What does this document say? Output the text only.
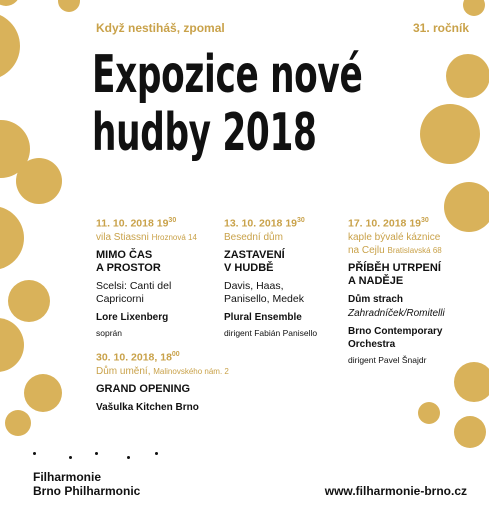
Když nestiháš, zpomal	31. ročník
Expozice nové
hudby 2018
11. 10. 2018 $19^{30}$
vila Stiassni Hroznová 14
MIMO ČAS
A PROSTOR
Scelsi: Canti del
Capricorni
Lore Lixenberg
soprán
13. 10. 2018 $19^{30}$
Besední dům
ZASTAVENÍ
V HUDBĚ
Davis, Haas,
Panisello, Medek
Plural Ensemble
dirigent Fabián Panisello
17. 10. 2018 $19^{30}$
kaple bývalé káznice
na Cejlu Bratislavská 68
PŘÍBĚH UTRPENÍ
A NADĚJE
Dům strach
Zahradníček/Romitelli
Brno Contemporary
Orchestra
dirigent Pavel Šnajdr
30. 10. 2018, $18^{00}$
Dům umění, Malinovského nám. 2
GRAND OPENING
Vašulka Kitchen Brno
Filharmonie
Brno Philharmonic	www.filharmonie-brno.cz
